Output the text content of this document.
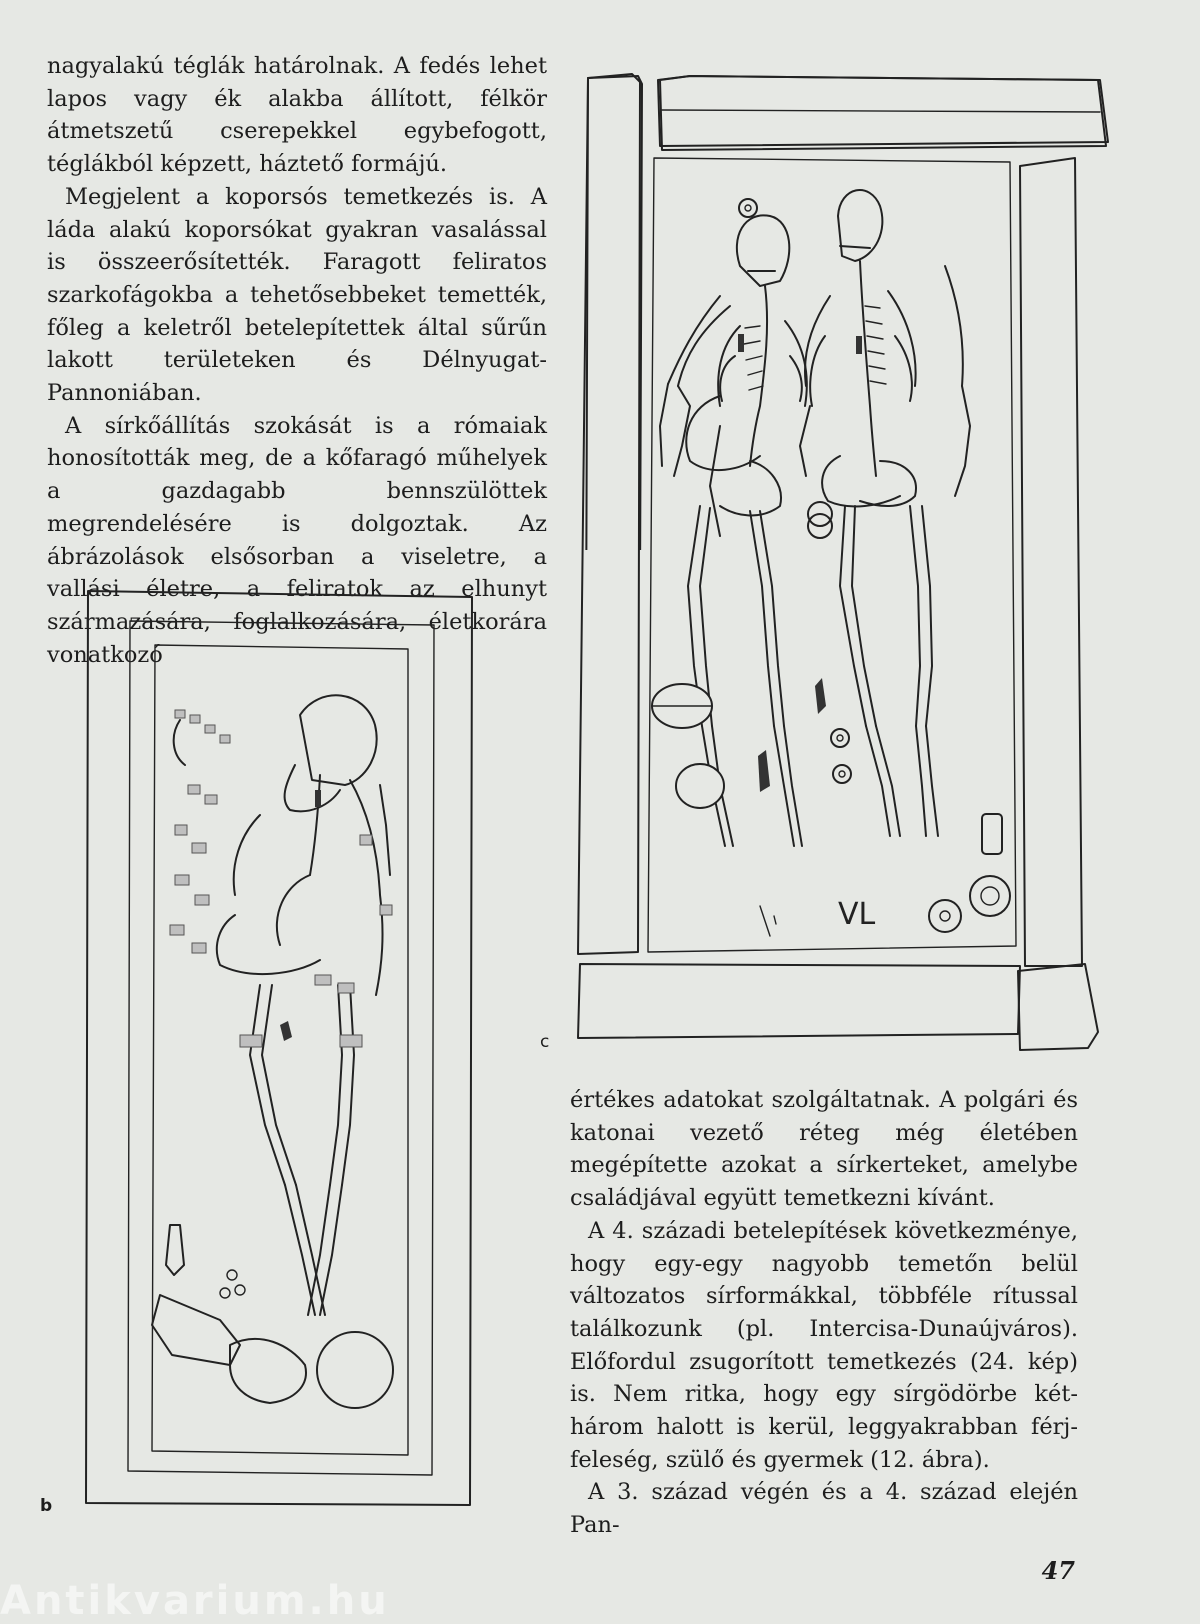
nagyalakú téglák határolnak. A fedés lehet lapos vagy ék alakba állított, félkör átmetszetű cserepekkel egybefogott, téglákból képzett, háztető formájú.

Megjelent a koporsós temetkezés is. A láda alakú koporsókat gyakran vasalással is összeerősítették. Faragott feliratos szarkofágokba a tehetősebbeket temették, főleg a keletről betelepítettek által sűrűn lakott területeken és Délnyugat-Pannoniában.

A sírkőállítás szokását is a rómaiak honosították meg, de a kőfaragó műhelyek a gazdagabb bennszülöttek megrendelésére is dolgoztak. Az ábrázolások elsősorban a viseletre, a vallási életre, a feliratok az elhunyt származására, foglalkozására, életkorára vonatkozó

VL
c
b

értékes adatokat szolgáltatnak. A polgári és katonai vezető réteg még életében megépítette azokat a sírkerteket, amelybe családjával együtt temetkezni kívánt.

A 4. századi betelepítések következménye, hogy egy-egy nagyobb temetőn belül változatos sírformákkal, többféle rítussal találkozunk (pl. Intercisa-Dunaújváros). Előfordul zsugorított temetkezés (24. kép) is. Nem ritka, hogy egy sírgödörbe két-három halott is kerül, leggyakrabban férj-feleség, szülő és gyermek (12. ábra).

A 3. század végén és a 4. század elején Pan-

47
Antikvarium.hu
